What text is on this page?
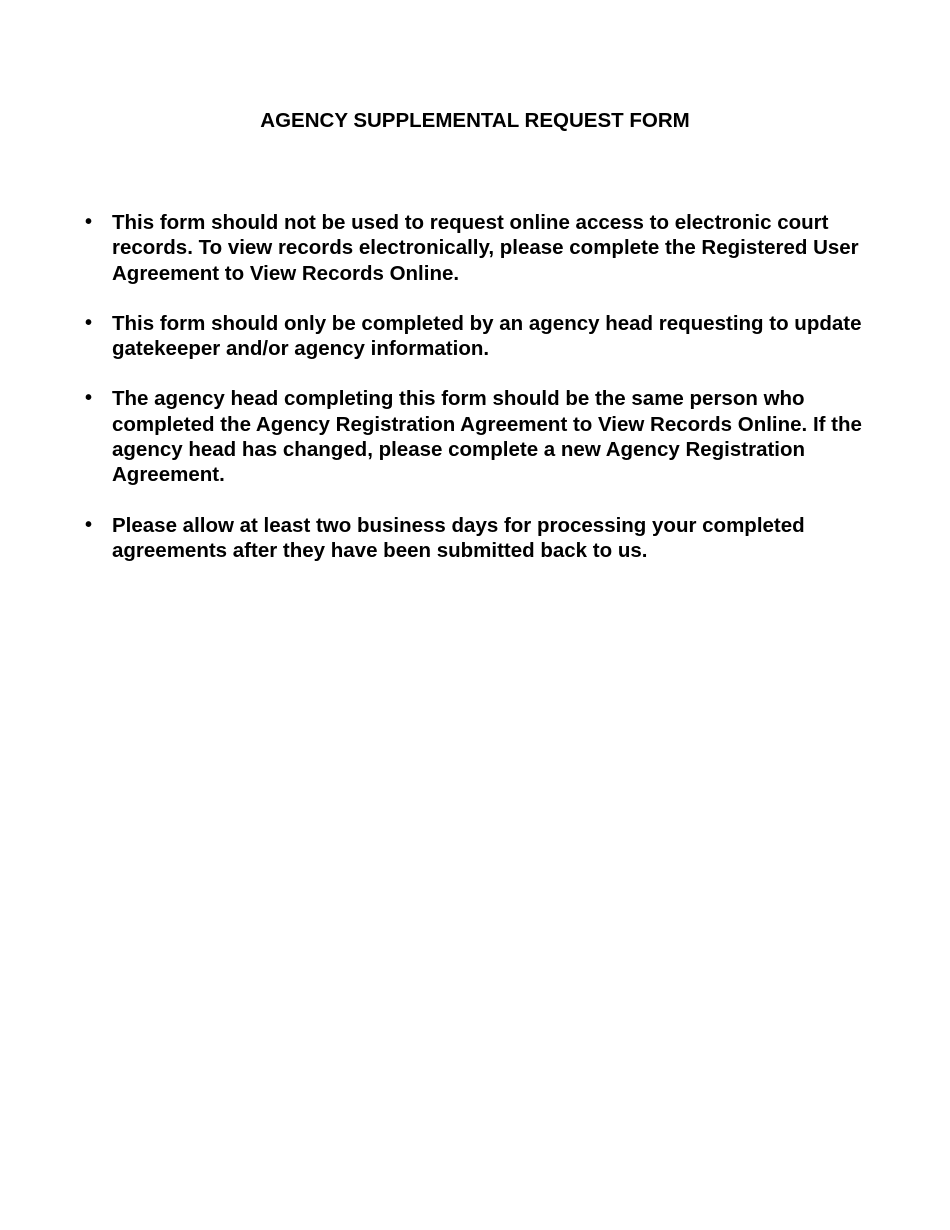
AGENCY SUPPLEMENTAL REQUEST FORM
• This form should not be used to request online access to electronic court records. To view records electronically, please complete the Registered User Agreement to View Records Online.
• This form should only be completed by an agency head requesting to update gatekeeper and/or agency information.
• The agency head completing this form should be the same person who completed the Agency Registration Agreement to View Records Online. If the agency head has changed, please complete a new Agency Registration Agreement.
• Please allow at least two business days for processing your completed agreements after they have been submitted back to us.
